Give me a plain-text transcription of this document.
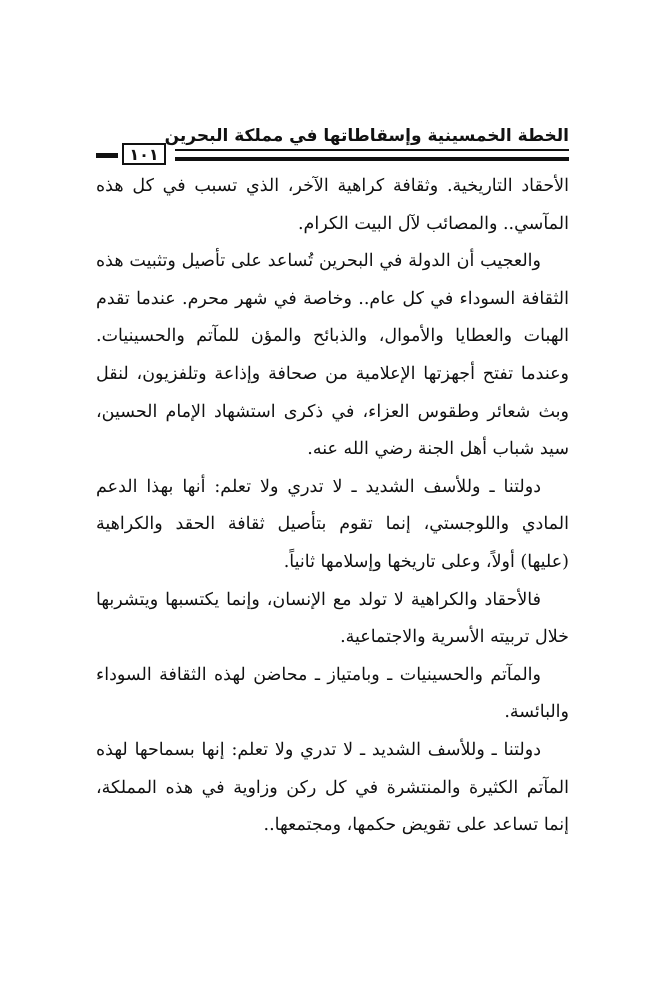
الخطة الخمسينية وإسقاطاتها في مملكة البحرين
١٠١

الأحقاد التاريخية. وثقافة كراهية الآخر، الذي تسبب في كل هذه المآسي.. والمصائب لآل البيت الكرام.

والعجيب أن الدولة في البحرين تُساعد على تأصيل وتثبيت هذه الثقافة السوداء في كل عام.. وخاصة في شهر محرم. عندما تقدم الهبات والعطايا والأموال، والذبائح والمؤن للمآتم والحسينيات. وعندما تفتح أجهزتها الإعلامية من صحافة وإذاعة وتلفزيون، لنقل وبث شعائر وطقوس العزاء، في ذكرى استشهاد الإمام الحسين، سيد شباب أهل الجنة رضي الله عنه.

دولتنا ـ وللأسف الشديد ـ لا تدري ولا تعلم: أنها بهذا الدعم المادي واللوجستي، إنما تقوم بتأصيل ثقافة الحقد والكراهية (عليها) أولاً، وعلى تاريخها وإسلامها ثانياً.

فالأحقاد والكراهية لا تولد مع الإنسان، وإنما يكتسبها ويتشربها خلال تربيته الأسرية والاجتماعية.

والمآتم والحسينيات ـ وبامتياز ـ محاضن لهذه الثقافة السوداء والبائسة.

دولتنا ـ وللأسف الشديد ـ لا تدري ولا تعلم: إنها بسماحها لهذه المآتم الكثيرة والمنتشرة في كل ركن وزاوية في هذه المملكة، إنما تساعد على تقويض حكمها، ومجتمعها..
